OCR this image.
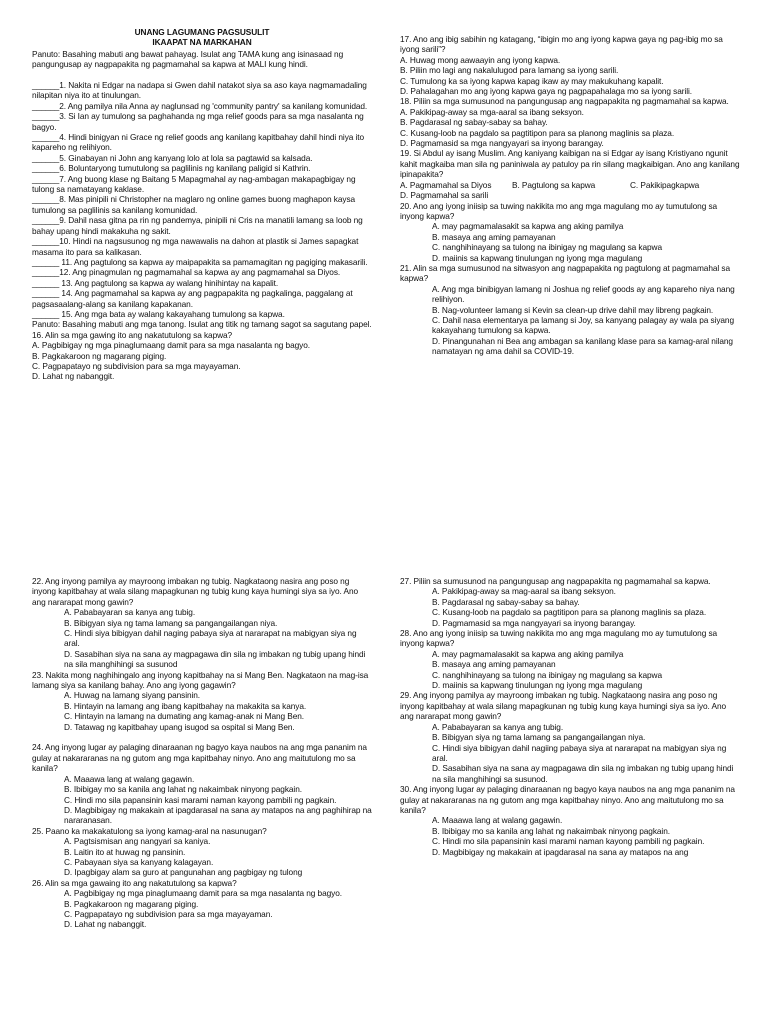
UNANG LAGUMANG PAGSUSULIT

IKAAPAT NA MARKAHAN

Panuto: Basahing mabuti ang bawat pahayag. Isulat ang TAMA kung ang isinasaad ng pangungusap ay nagpapakita ng pagmamahal sa kapwa at MALI kung hindi.

______1. Nakita ni Edgar na nadapa si Gwen dahil natakot siya sa aso kaya nagmamadaling nilapitan niya ito at tinulungan.

______2. Ang pamilya nila Anna ay naglunsad ng 'community pantry' sa kanilang komunidad.

______3. Si Ian ay tumulong sa paghahanda ng mga relief goods para sa mga nasalanta ng bagyo.

______4. Hindi binigyan ni Grace ng relief goods ang kanilang kapitbahay dahil hindi niya ito kapareho ng relihiyon.

______5. Ginabayan ni John ang kanyang lolo at lola sa pagtawid sa kalsada.

______6. Boluntaryong tumutulong sa paglilinis ng kanilang paligid si Kathrin.

______7. Ang buong klase ng Baitang 5 Mapagmahal ay nag-ambagan makapagbigay ng tulong sa namatayang kaklase.

______8. Mas pinipili ni Christopher na maglaro ng online games buong maghapon kaysa tumulong sa paglilinis sa kanilang komunidad.

______9. Dahil nasa gitna pa rin ng pandemya, pinipili ni Cris na manatili lamang sa loob ng bahay upang hindi makakuha ng sakit.

______10. Hindi na nagsusunog ng mga nawawalis na dahon at plastik si James sapagkat masama ito para sa kalikasan.

______ 11. Ang pagtulong sa kapwa ay maipapakita sa pamamagitan ng pagiging makasarili.

______12. Ang pinagmulan ng pagmamahal sa kapwa ay ang pagmamahal sa Diyos.

______ 13. Ang pagtulong sa kapwa ay walang hinihintay na kapalit.

______ 14. Ang pagmamahal sa kapwa ay ang pagpapakita ng pagkalinga, paggalang at pagsasaalang-alang sa kanilang kapakanan.

______ 15. Ang mga bata ay walang kakayahang tumulong sa kapwa.

Panuto: Basahing mabuti ang mga tanong. Isulat ang titik ng tamang sagot sa sagutang papel.

16. Alin sa mga gawing ito ang nakatutulong sa kapwa?

A. Pagbibigay ng mga pinaglumaang damit para sa mga nasalanta ng bagyo.

B. Pagkakaroon ng magarang piging.

C. Pagpapatayo ng subdivision para sa mga mayayaman.

D. Lahat ng nabanggit.

17. Ano ang ibig sabihin ng katagang, “ibigin mo ang iyong kapwa gaya ng pag-ibig mo sa iyong sarili”?

A. Huwag mong aawaayin ang iyong kapwa.

B. Piliin mo lagi ang nakalulugod para lamang sa iyong sarili.

C. Tumulong ka sa iyong kapwa kapag ikaw ay may makukuhang kapalit.

D. Pahalagahan mo ang iyong kapwa gaya ng pagpapahalaga mo sa iyong sarili.

18. Piliin sa mga sumusunod na pangungusap ang nagpapakita ng pagmamahal sa kapwa.

A. Pakikipag-away sa mga-aaral sa ibang seksyon.

B. Pagdarasal ng sabay-sabay sa bahay.

C. Kusang-loob na pagdalo sa pagtitipon para sa planong maglinis sa plaza.

D. Pagmamasid sa mga nangyayari sa inyong barangay.

19. Si Abdul ay isang Muslim. Ang kaniyang kaibigan na si Edgar ay isang Kristiyano ngunit kahit magkaiba man sila ng paniniwala ay patuloy pa rin silang magkaibigan. Ano ang kanilang ipinapakita?

A. Pagmamahal sa Diyos	B. Pagtulong sa kapwa	C. Pakikipagkapwa

D. Pagmamahal sa sarili

20. Ano ang iyong iniisip sa tuwing nakikita mo ang mga magulang mo ay tumutulong sa inyong kapwa?

A. may pagmamalasakit sa kapwa ang aking pamilya

B. masaya ang aming pamayanan

C. nanghihinayang sa tulong na ibinigay ng magulang sa kapwa

D. maiinis sa kapwang tinulungan ng iyong mga magulang

21. Alin sa mga sumusunod na sitwasyon ang nagpapakita ng pagtulong at pagmamahal sa kapwa?

A. Ang mga binibigyan lamang ni Joshua ng relief goods ay ang kapareho niya nang relihiyon.

B. Nag-volunteer lamang si Kevin sa clean-up drive dahil may libreng pagkain.

C. Dahil nasa elementarya pa lamang si Joy, sa kanyang palagay ay wala pa siyang kakayahang tumulong sa kapwa.

D. Pinangunahan ni Bea ang ambagan sa kanilang klase para sa kamag-aral nilang namatayan ng ama dahil sa COVID-19.

22. Ang inyong pamilya ay mayroong imbakan ng tubig. Nagkataong nasira ang poso ng inyong kapitbahay at wala silang mapagkunan ng tubig kung kaya humingi siya sa iyo. Ano ang nararapat mong gawin?

A. Pababayaran sa kanya ang tubig.

B. Bibigyan siya ng tama lamang sa pangangailangan niya.

C. Hindi siya bibigyan dahil naging pabaya siya at nararapat na mabigyan siya ng aral.

D. Sasabihan siya na sana ay magpagawa din sila ng imbakan ng tubig upang hindi na sila manghihingi sa susunod

23. Nakita mong naghihingalo ang inyong kapitbahay na si Mang Ben. Nagkataon na mag-isa lamang siya sa kanilang bahay. Ano ang iyong gagawin?

A. Huwag na lamang siyang pansinin.

B. Hintayin na lamang ang ibang kapitbahay na makakita sa kanya.

C. Hintayin na lamang na dumating ang kamag-anak ni Mang Ben.

D. Tatawag ng kapitbahay upang isugod sa ospital si Mang Ben.

24. Ang inyong lugar ay palaging dinaraanan ng bagyo kaya naubos na ang mga pananim na gulay at nakararanas na ng gutom ang mga kapitbahay ninyo. Ano ang maitutulong mo sa kanila?

A. Maaawa lang at walang gagawin.

B. Ibibigay mo sa kanila ang lahat ng nakaimbak ninyong pagkain.

C. Hindi mo sila papansinin kasi marami naman kayong pambili ng pagkain.

D. Magbibigay ng makakain at ipagdarasal na sana ay matapos na ang paghihirap na nararanasan.

25. Paano ka makakatulong sa iyong kamag-aral na nasunugan?

A. Pagtsismisan ang nangyari sa kaniya.

B. Laitin ito at huwag ng pansinin.

C. Pabayaan siya sa kanyang kalagayan.

D. Ipagbigay alam sa guro at pangunahan ang pagbigay ng tulong

26. Alin sa mga gawaing ito ang nakatutulong sa kapwa?

A. Pagbibigay ng mga pinaglumaang damit para sa mga nasalanta ng bagyo.

B. Pagkakaroon ng magarang piging.

C. Pagpapatayo ng subdivision para sa mga mayayaman.

D. Lahat ng nabanggit.

27. Piliin sa sumusunod na pangungusap ang nagpapakita ng pagmamahal sa kapwa.

A. Pakikipag-away sa mag-aaral sa ibang seksyon.

B. Pagdarasal ng sabay-sabay sa bahay.

C. Kusang-loob na pagdalo sa pagtitipon para sa planong maglinis sa plaza.

D. Pagmamasid sa mga nangyayari sa inyong barangay.

28. Ano ang iyong iniisip sa tuwing nakikita mo ang mga magulang mo ay tumutulong sa inyong kapwa?

A. may pagmamalasakit sa kapwa ang aking pamilya

B. masaya ang aming pamayanan

C. nanghihinayang sa tulong na ibinigay ng magulang sa kapwa

D. maiinis sa kapwang tinulungan ng iyong mga magulang

29. Ang inyong pamilya ay mayroong imbakan ng tubig. Nagkataong nasira ang poso ng inyong kapitbahay at wala silang mapagkunan ng tubig kung kaya humingi siya sa iyo. Ano ang nararapat mong gawin?

A. Pababayaran sa kanya ang tubig.

B. Bibigyan siya ng tama lamang sa pangangailangan niya.

C. Hindi siya bibigyan dahil nagiing pabaya siya at nararapat na mabigyan siya ng aral.

D. Sasabihan siya na sana ay magpagawa din sila ng imbakan ng tubig upang hindi na sila manghihingi sa susunod.

30. Ang inyong lugar ay palaging dinaraanan ng bagyo kaya naubos na ang mga pananim na gulay at nakararanas na ng gutom ang mga kapitbahay ninyo. Ano ang maitutulong mo sa kanila?

A. Maaawa lang at walang gagawin.

B. Ibibigay mo sa kanila ang lahat ng nakaimbak ninyong pagkain.

C. Hindi mo sila papansinin kasi marami naman kayong pambili ng pagkain.

D. Magbibigay ng makakain at ipagdarasal na sana ay matapos na ang
